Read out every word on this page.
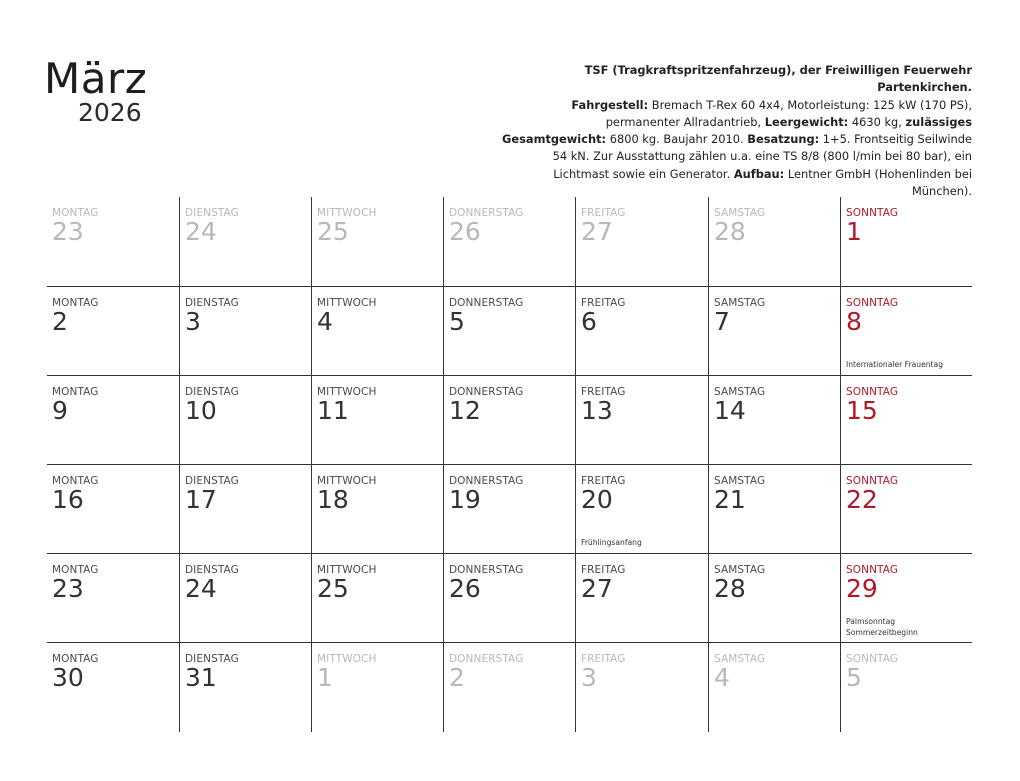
März
2026
TSF (Tragkraftspritzenfahrzeug), der Freiwilligen Feuerwehr Partenkirchen.
Fahrgestell: Bremach T-Rex 60 4x4, Motorleistung: 125 kW (170 PS), permanenter Allradantrieb, Leergewicht: 4630 kg, zulässiges Gesamtgewicht: 6800 kg. Baujahr 2010. Besatzung: 1+5. Frontseitig Seilwinde 54 kN. Zur Ausstattung zählen u.a. eine TS 8/8 (800 l/min bei 80 bar), ein Lichtmast sowie ein Generator. Aufbau: Lentner GmbH (Hohenlinden bei München).
MONTAG
23
DIENSTAG
24
MITTWOCH
25
DONNERSTAG
26
FREITAG
27
SAMSTAG
28
SONNTAG
1
MONTAG
2
DIENSTAG
3
MITTWOCH
4
DONNERSTAG
5
FREITAG
6
SAMSTAG
7
SONNTAG
8
Internationaler Frauentag
MONTAG
9
DIENSTAG
10
MITTWOCH
11
DONNERSTAG
12
FREITAG
13
SAMSTAG
14
SONNTAG
15
MONTAG
16
DIENSTAG
17
MITTWOCH
18
DONNERSTAG
19
FREITAG
20
Frühlingsanfang
SAMSTAG
21
SONNTAG
22
MONTAG
23
DIENSTAG
24
MITTWOCH
25
DONNERSTAG
26
FREITAG
27
SAMSTAG
28
SONNTAG
29
Palmsonntag
Sommerzeitbeginn
MONTAG
30
DIENSTAG
31
MITTWOCH
1
DONNERSTAG
2
FREITAG
3
SAMSTAG
4
SONNTAG
5
